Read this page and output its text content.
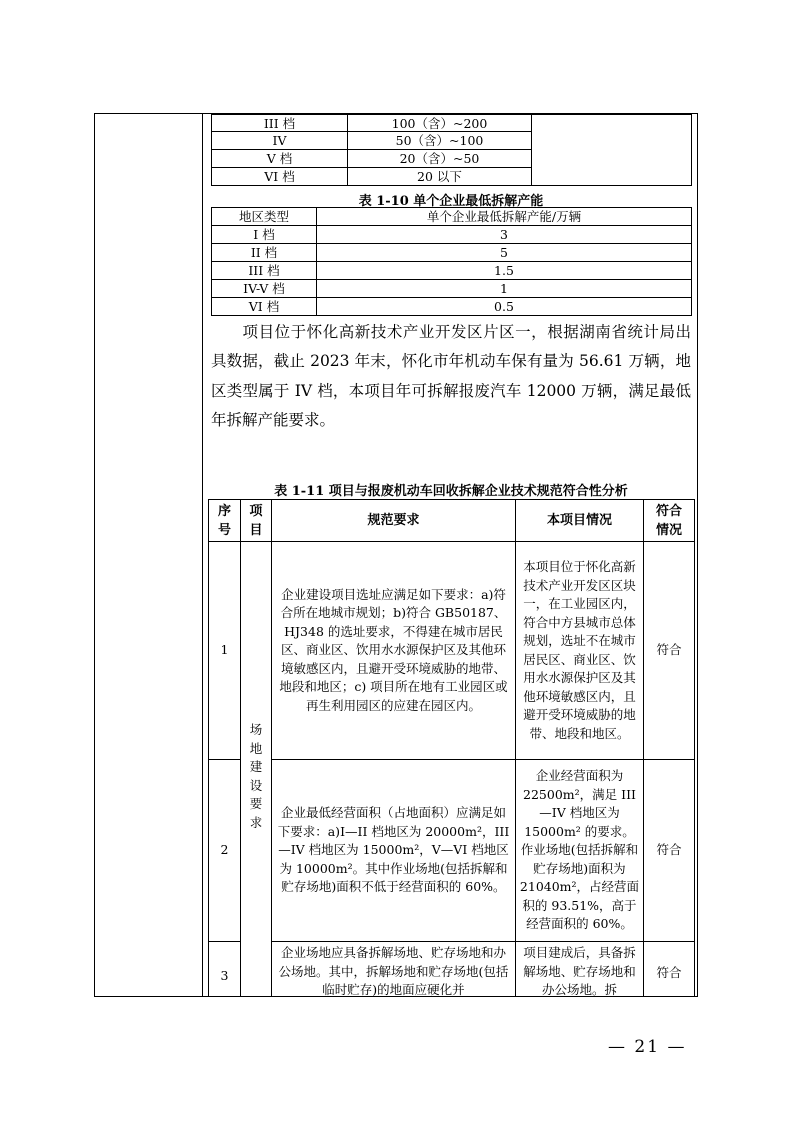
III 档	100（含）~200	
IV	50（含）~100	
V 档	20（含）~50	
VI 档	20 以下	
表 1-10 单个企业最低拆解产能
地区类型	单个企业最低拆解产能/万辆
I 档	3
II 档	5
III 档	1.5
IV-V 档	1
VI 档	0.5
项目位于怀化高新技术产业开发区片区一，根据湖南省统计局出具数据，截止 2023 年末，怀化市年机动车保有量为 56.61 万辆，地区类型属于 IV 档，本项目年可拆解报废汽车 12000 万辆，满足最低年拆解产能要求。
表 1-11 项目与报废机动车回收拆解企业技术规范符合性分析
序号	项目	规范要求	本项目情况	符合情况
1	场地建设要求	企业建设项目选址应满足如下要求：a)符合所在地城市规划；b)符合 GB50187、HJ348 的选址要求，不得建在城市居民区、商业区、饮用水水源保护区及其他环境敏感区内，且避开受环境威胁的地带、地段和地区；c) 项目所在地有工业园区或再生利用园区的应建在园区内。	本项目位于怀化高新技术产业开发区区块一，在工业园区内，符合中方县城市总体规划，选址不在城市居民区、商业区、饮用水水源保护区及其他环境敏感区内，且避开受环境威胁的地带、地段和地区。	符合
2		企业最低经营面积（占地面积）应满足如下要求：a)I—II 档地区为 20000m²，III—IV 档地区为 15000m²，V—VI 档地区为 10000m²。其中作业场地(包括拆解和贮存场地)面积不低于经营面积的 60%。	企业经营面积为 22500m²，满足 III—IV 档地区为 15000m² 的要求。作业场地(包括拆解和贮存场地)面积为 21040m²，占经营面积的 93.51%，高于经营面积的 60%。	符合
3		企业场地应具备拆解场地、贮存场地和办公场地。其中，拆解场地和贮存场地(包括临时贮存)的地面应硬化并	项目建成后，具备拆解场地、贮存场地和办公场地。拆	符合
— 21 —
